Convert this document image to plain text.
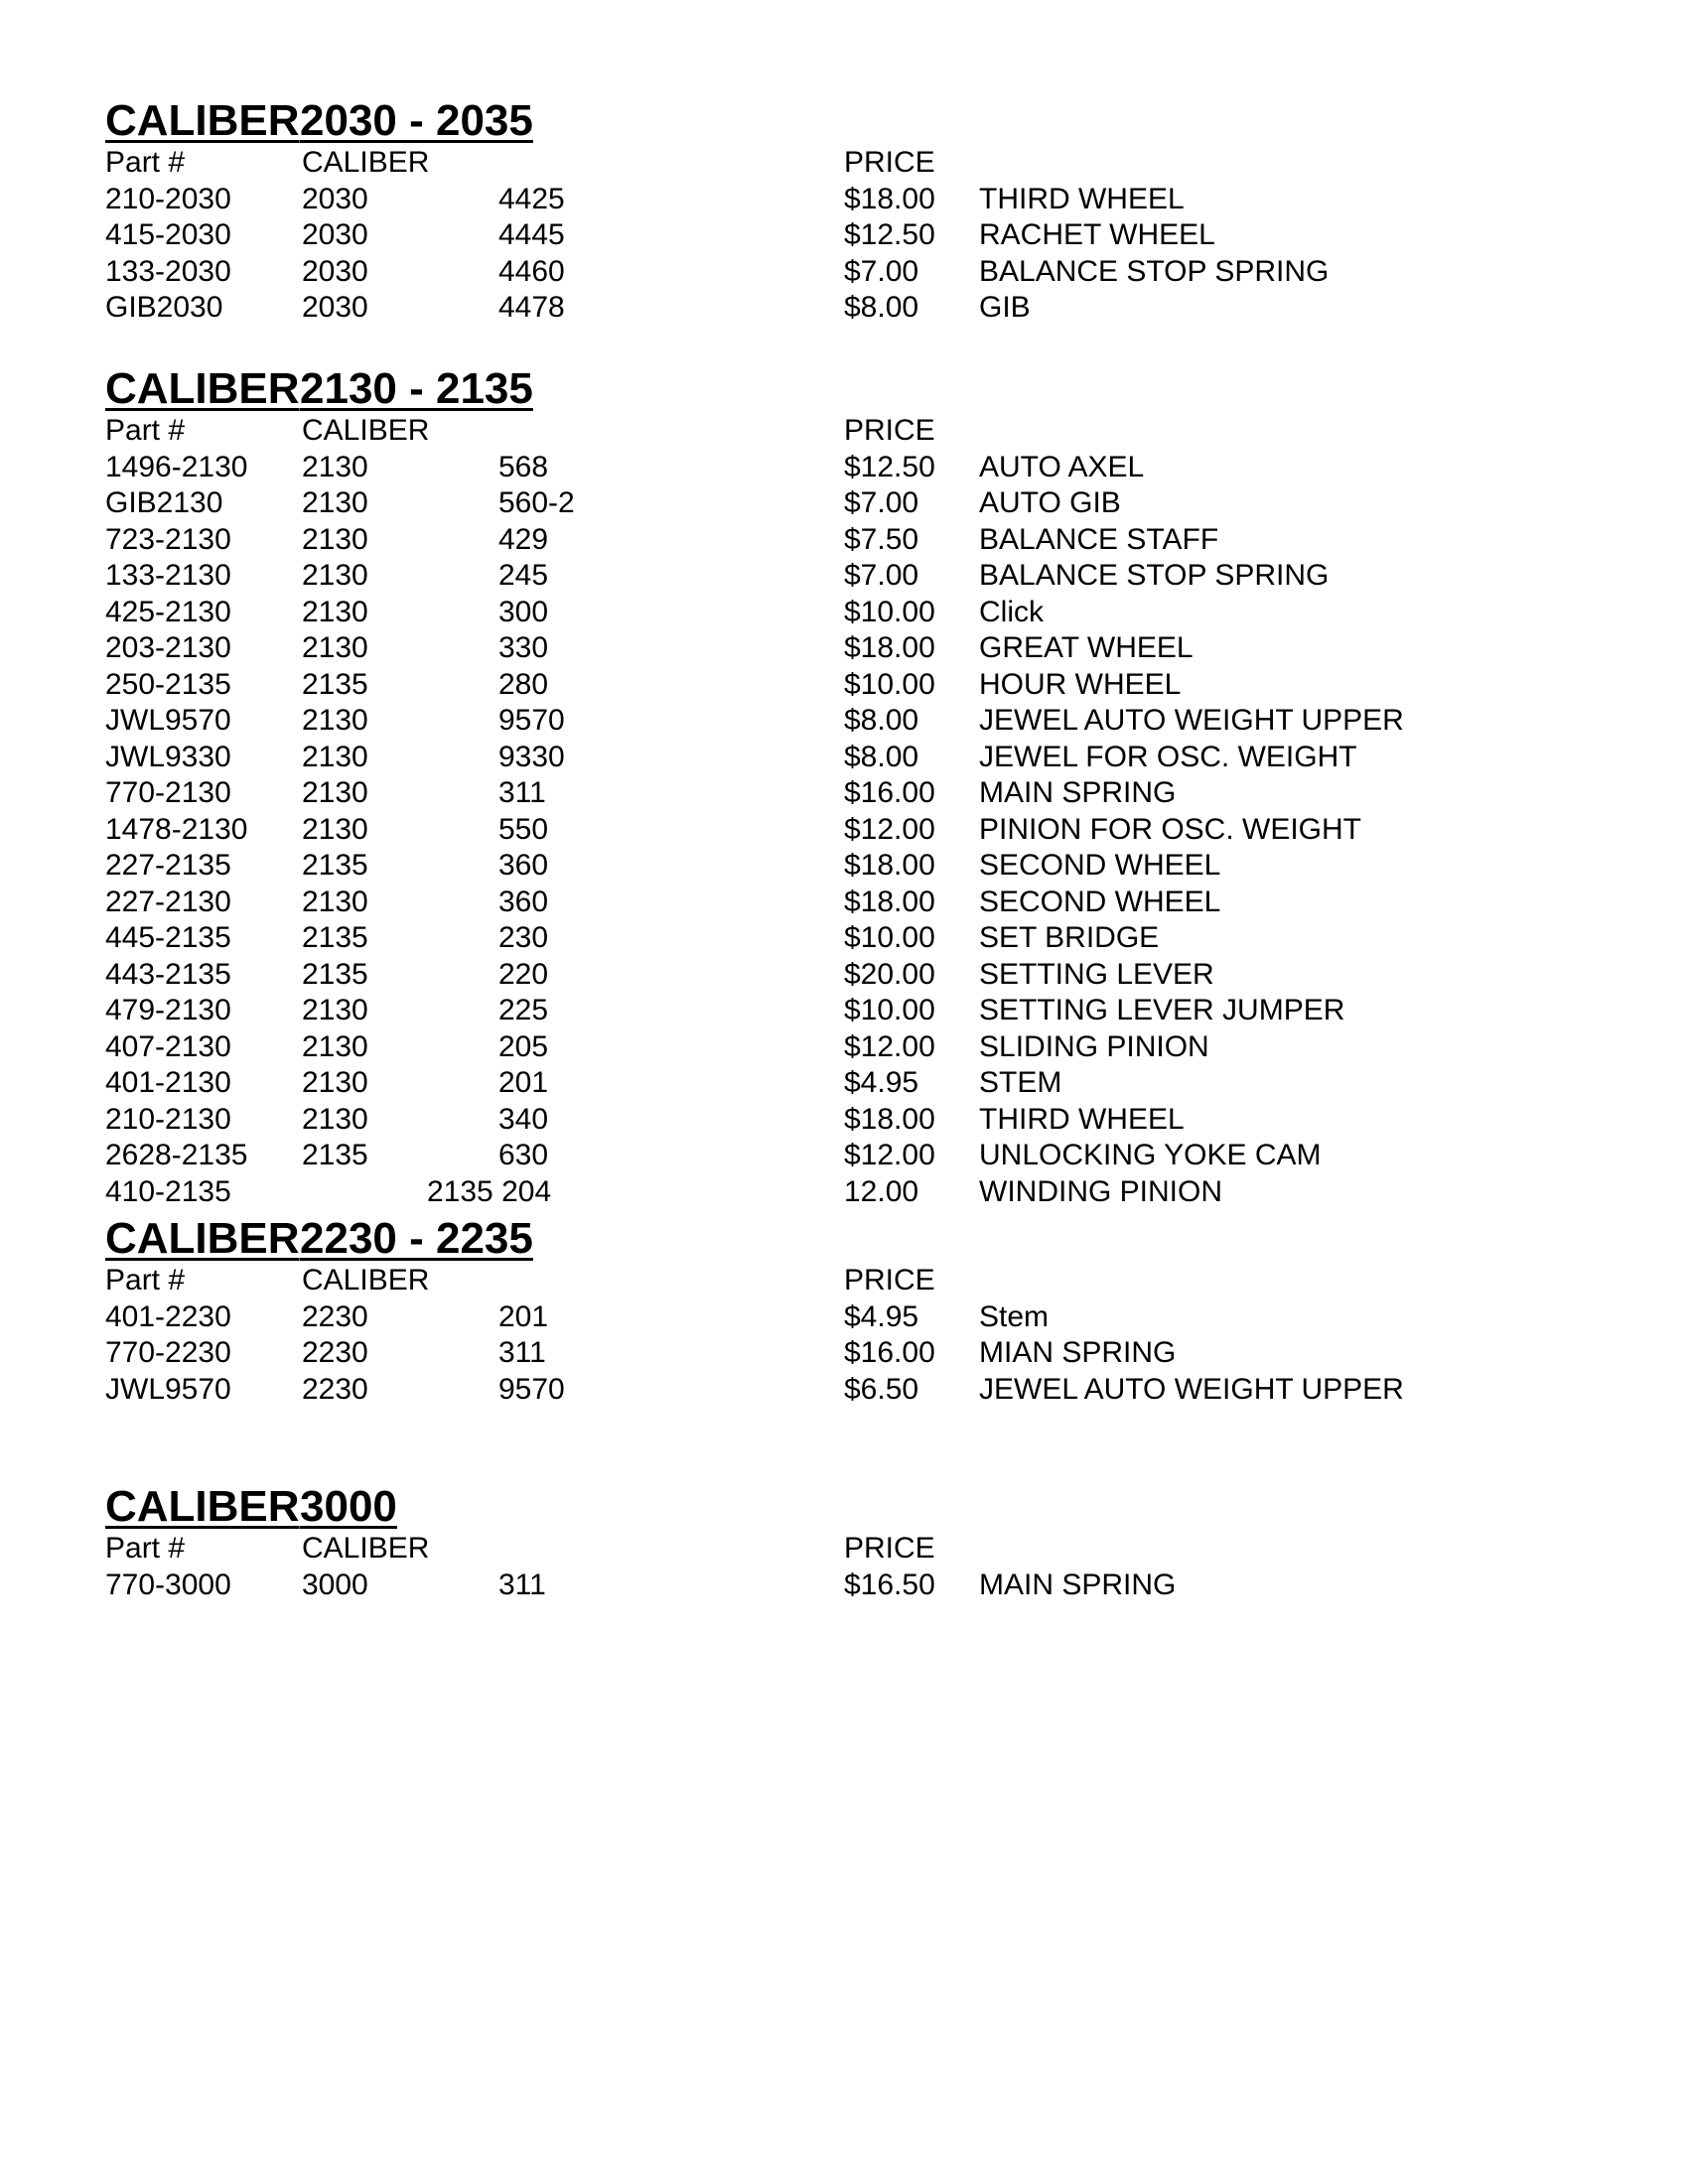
CALIBER 2030 - 2035
Part #	CALIBER	PRICE
210-2030 2030	4425	$18.00 THIRD WHEEL
415-2030 2030	4445	$12.50 RACHET WHEEL
133-2030 2030	4460	$7.00 BALANCE STOP SPRING
GIB2030	2030	4478	$8.00 GIB
CALIBER 2130 - 2135
Part #	CALIBER	PRICE
1496-2130 2130	568	$12.50 AUTO AXEL
GIB2130	2130	560-2	$7.00 AUTO GIB
723-2130 2130	429	$7.50 BALANCE STAFF
133-2130 2130	245	$7.00 BALANCE STOP SPRING
425-2130 2130	300	$10.00 Click
203-2130 2130	330	$18.00 GREAT WHEEL
250-2135 2135	280	$10.00 HOUR WHEEL
JWL9570 2130	9570	$8.00 JEWEL AUTO WEIGHT UPPER
JWL9330 2130	9330	$8.00 JEWEL FOR OSC. WEIGHT
770-2130 2130	311	$16.00 MAIN SPRING
1478-2130 2130	550	$12.00 PINION FOR OSC. WEIGHT
227-2135 2135	360	$18.00 SECOND WHEEL
227-2130 2130	360	$18.00 SECOND WHEEL
445-2135 2135	230	$10.00 SET BRIDGE
443-2135 2135	220	$20.00 SETTING LEVER
479-2130 2130	225	$10.00 SETTING LEVER JUMPER
407-2130 2130	205	$12.00 SLIDING PINION
401-2130 2130	201	$4.95 STEM
210-2130 2130	340	$18.00 THIRD WHEEL
2628-2135 2135	630	$12.00 UNLOCKING YOKE CAM
410-2135	2135 204	12.00 WINDING PINION
CALIBER 2230 - 2235
Part #	CALIBER	PRICE
401-2230 2230	201	$4.95 Stem
770-2230 2230	311	$16.00 MIAN SPRING
JWL9570 2230	9570	$6.50 JEWEL AUTO WEIGHT UPPER
CALIBER 3000
Part #	CALIBER	PRICE
770-3000 3000	311	$16.50 MAIN SPRING
